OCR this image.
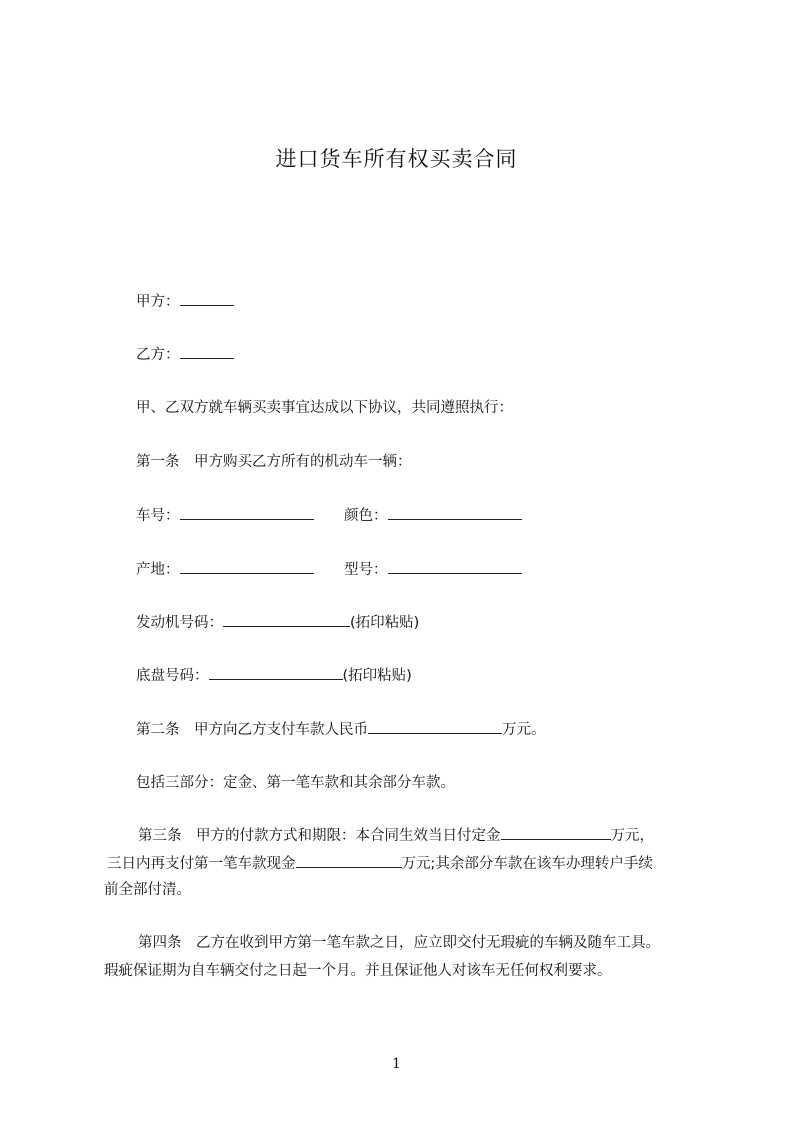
进口货车所有权买卖合同
甲方：
乙方：
甲、乙双方就车辆买卖事宜达成以下协议，共同遵照执行：
第一条　甲方购买乙方所有的机动车一辆：
车号：	颜色：
产地：	型号：
发动机号码：	(拓印粘贴)
底盘号码：	(拓印粘贴)
第二条　甲方向乙方支付车款人民币	万元。
包括三部分：定金、第一笔车款和其余部分车款。
第三条　甲方的付款方式和期限：本合同生效当日付定金	万元，
三日内再支付第一笔车款现金	万元;其余部分车款在该车办理转户手续
前全部付清。
第四条　乙方在收到甲方第一笔车款之日，应立即交付无瑕疵的车辆及随车工具。
瑕疵保证期为自车辆交付之日起一个月。并且保证他人对该车无任何权利要求。
1
